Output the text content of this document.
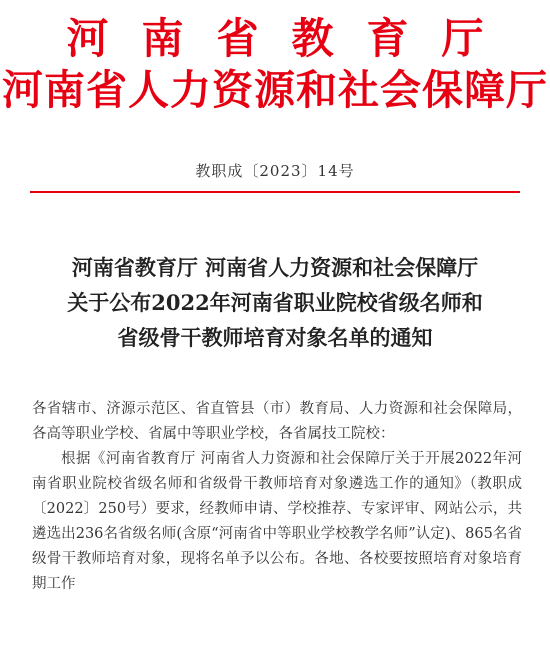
河南省教育厅
河南省人力资源和社会保障厅
教职成〔2023〕14号
河南省教育厅 河南省人力资源和社会保障厅
关于公布2022年河南省职业院校省级名师和
省级骨干教师培育对象名单的通知

各省辖市、济源示范区、省直管县（市）教育局、人力资源和社会保障局，各高等职业学校、省属中等职业学校，各省属技工院校：

根据《河南省教育厅 河南省人力资源和社会保障厅关于开展2022年河南省职业院校省级名师和省级骨干教师培育对象遴选工作的通知》（教职成〔2022〕250号）要求，经教师申请、学校推荐、专家评审、网站公示，共遴选出236名省级名师(含原“河南省中等职业学校教学名师”认定)、865名省级骨干教师培育对象，现将名单予以公布。各地、各校要按照培育对象培育期工作
